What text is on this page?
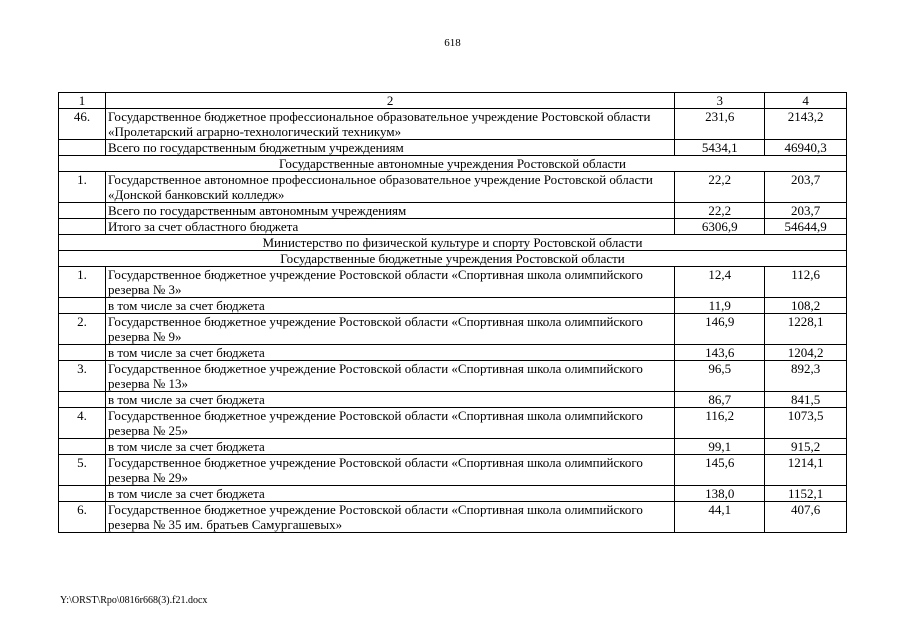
618
1	2	3	4
46.	Государственное бюджетное профессиональное образовательное учреждение Ростовской области «Пролетарский аграрно-технологический техникум»	231,6	2143,2
	Всего по государственным бюджетным учреждениям	5434,1	46940,3
Государственные автономные учреждения Ростовской области			
1.	Государственное автономное профессиональное образовательное учреждение Ростовской области «Донской банковский колледж»	22,2	203,7
	Всего по государственным автономным учреждениям	22,2	203,7
	Итого за счет областного бюджета	6306,9	54644,9
Министерство по физической культуре и спорту Ростовской области			
Государственные бюджетные учреждения Ростовской области			
1.	Государственное бюджетное учреждение Ростовской области «Спортивная школа олимпийского резерва № 3»	12,4	112,6
	в том числе за счет бюджета	11,9	108,2
2.	Государственное бюджетное учреждение Ростовской области «Спортивная школа олимпийского резерва № 9»	146,9	1228,1
	в том числе за счет бюджета	143,6	1204,2
3.	Государственное бюджетное учреждение Ростовской области «Спортивная школа олимпийского резерва № 13»	96,5	892,3
	в том числе за счет бюджета	86,7	841,5
4.	Государственное бюджетное учреждение Ростовской области «Спортивная школа олимпийского резерва № 25»	116,2	1073,5
	в том числе за счет бюджета	99,1	915,2
5.	Государственное бюджетное учреждение Ростовской области «Спортивная школа олимпийского резерва № 29»	145,6	1214,1
	в том числе за счет бюджета	138,0	1152,1
6.	Государственное бюджетное учреждение Ростовской области «Спортивная школа олимпийского резерва № 35 им. братьев Самургашевых»	44,1	407,6
Y:\ORST\Rpo\0816r668(3).f21.docx
